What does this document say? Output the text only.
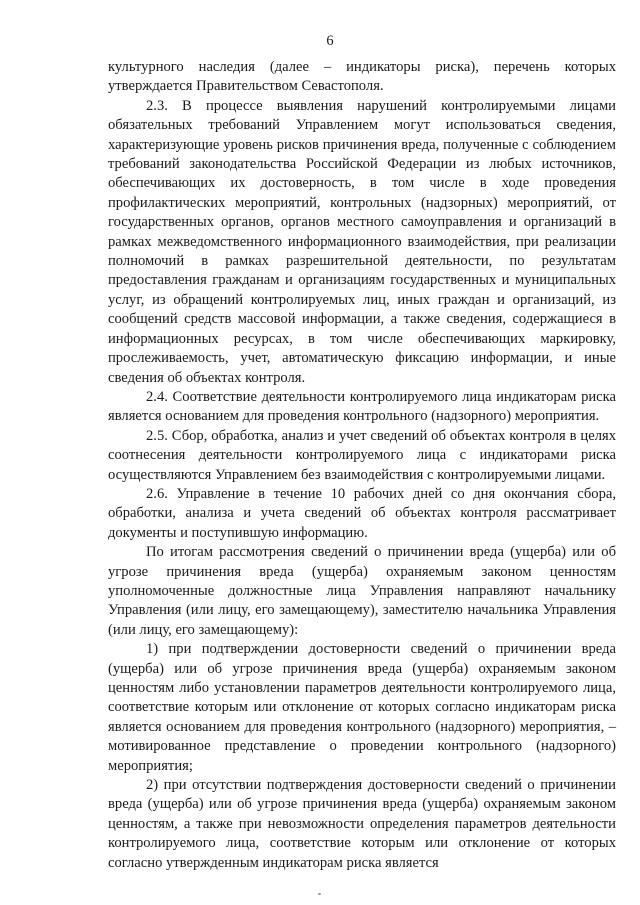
6

культурного наследия (далее – индикаторы риска), перечень которых утверждается Правительством Севастополя.

2.3. В процессе выявления нарушений контролируемыми лицами обязательных требований Управлением могут использоваться сведения, характеризующие уровень рисков причинения вреда, полученные с соблюдением требований законодательства Российской Федерации из любых источников, обеспечивающих их достоверность, в том числе в ходе проведения профилактических мероприятий, контрольных (надзорных) мероприятий, от государственных органов, органов местного самоуправления и организаций в рамках межведомственного информационного взаимодействия, при реализации полномочий в рамках разрешительной деятельности, по результатам предоставления гражданам и организациям государственных и муниципальных услуг, из обращений контролируемых лиц, иных граждан и организаций, из сообщений средств массовой информации, а также сведения, содержащиеся в информационных ресурсах, в том числе обеспечивающих маркировку, прослеживаемость, учет, автоматическую фиксацию информации, и иные сведения об объектах контроля.

2.4. Соответствие деятельности контролируемого лица индикаторам риска является основанием для проведения контрольного (надзорного) мероприятия.

2.5. Сбор, обработка, анализ и учет сведений об объектах контроля в целях соотнесения деятельности контролируемого лица с индикаторами риска осуществляются Управлением без взаимодействия с контролируемыми лицами.

2.6. Управление в течение 10 рабочих дней со дня окончания сбора, обработки, анализа и учета сведений об объектах контроля рассматривает документы и поступившую информацию.

По итогам рассмотрения сведений о причинении вреда (ущерба) или об угрозе причинения вреда (ущерба) охраняемым законом ценностям уполномоченные должностные лица Управления направляют начальнику Управления (или лицу, его замещающему), заместителю начальника Управления (или лицу, его замещающему):

1) при подтверждении достоверности сведений о причинении вреда (ущерба) или об угрозе причинения вреда (ущерба) охраняемым законом ценностям либо установлении параметров деятельности контролируемого лица, соответствие которым или отклонение от которых согласно индикаторам риска является основанием для проведения контрольного (надзорного) мероприятия, – мотивированное представление о проведении контрольного (надзорного) мероприятия;

2) при отсутствии подтверждения достоверности сведений о причинении вреда (ущерба) или об угрозе причинения вреда (ущерба) охраняемым законом ценностям, а также при невозможности определения параметров деятельности контролируемого лица, соответствие которым или отклонение от которых согласно утвержденным индикаторам риска является
